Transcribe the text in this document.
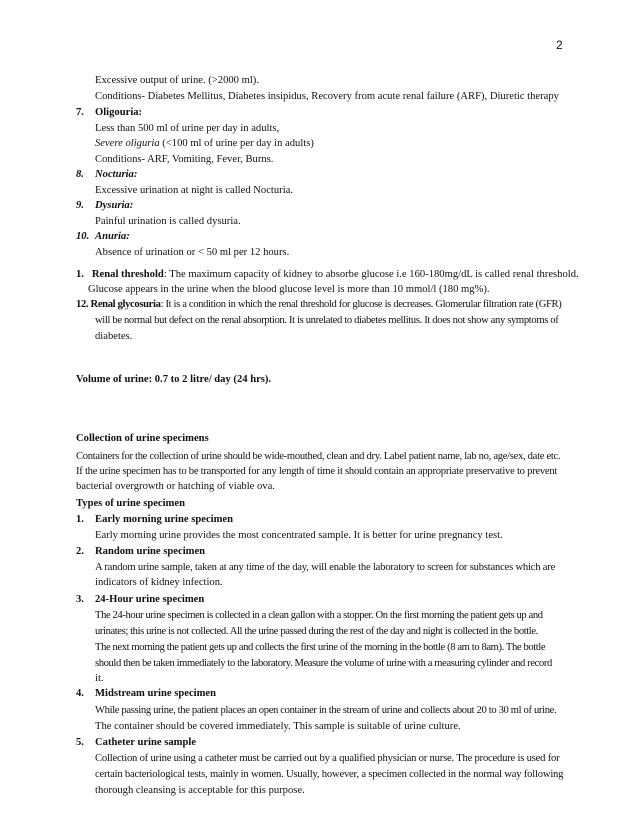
2
Excessive output of urine. (>2000 ml).
Conditions- Diabetes Mellitus, Diabetes insipidus, Recovery from acute renal failure (ARF), Diuretic therapy
7. Oligouria:
Less than 500 ml of urine per day in adults,
Severe oliguria (<100 ml of urine per day in adults)
Conditions- ARF, Vomiting, Fever, Burns.
8. Nocturia:
Excessive urination at night is called Nocturia.
9. Dysuria:
Painful urination is called dysuria.
10. Anuria:
Absence of urination or < 50 ml per 12 hours.
1. Renal threshold: The maximum capacity of kidney to absorbe glucose i.e 160-180mg/dL is called renal threshold.
Glucose appears in the urine when the blood glucose level is more than 10 mmol/l (180 mg%).
12. Renal glycosuria: It is a condition in which the renal threshold for glucose is decreases. Glomerular filtration rate (GFR)
will be normal but defect on the renal absorption. It is unrelated to diabetes mellitus. It does not show any symptoms of
diabetes.
Volume of urine: 0.7 to 2 litre/ day (24 hrs).
Collection of urine specimens
Containers for the collection of urine should be wide-mouthed, clean and dry. Label patient name, lab no, age/sex, date etc.
If the urine specimen has to be transported for any length of time it should contain an appropriate preservative to prevent
bacterial overgrowth or hatching of viable ova.
Types of urine specimen
1. Early morning urine specimen
Early morning urine provides the most concentrated sample. It is better for urine pregnancy test.
2. Random urine specimen
A random urine sample, taken at any time of the day, will enable the laboratory to screen for substances which are
indicators of kidney infection.
3. 24-Hour urine specimen
The 24-hour urine specimen is collected in a clean gallon with a stopper. On the first morning the patient gets up and
urinates; this urine is not collected. All the urine passed during the rest of the day and night is collected in the bottle.
The next morning the patient gets up and collects the first urine of the morning in the bottle (8 am to 8am). The bottle
should then be taken immediately to the laboratory. Measure the volume of urine with a measuring cylinder and record
it.
4. Midstream urine specimen
While passing urine, the patient places an open container in the stream of urine and collects about 20 to 30 ml of urine.
The container should be covered immediately. This sample is suitable of urine culture.
5. Catheter urine sample
Collection of urine using a catheter must be carried out by a qualified physician or nurse. The procedure is used for
certain bacteriological tests, mainly in women. Usually, however, a specimen collected in the normal way following
thorough cleansing is acceptable for this purpose.
